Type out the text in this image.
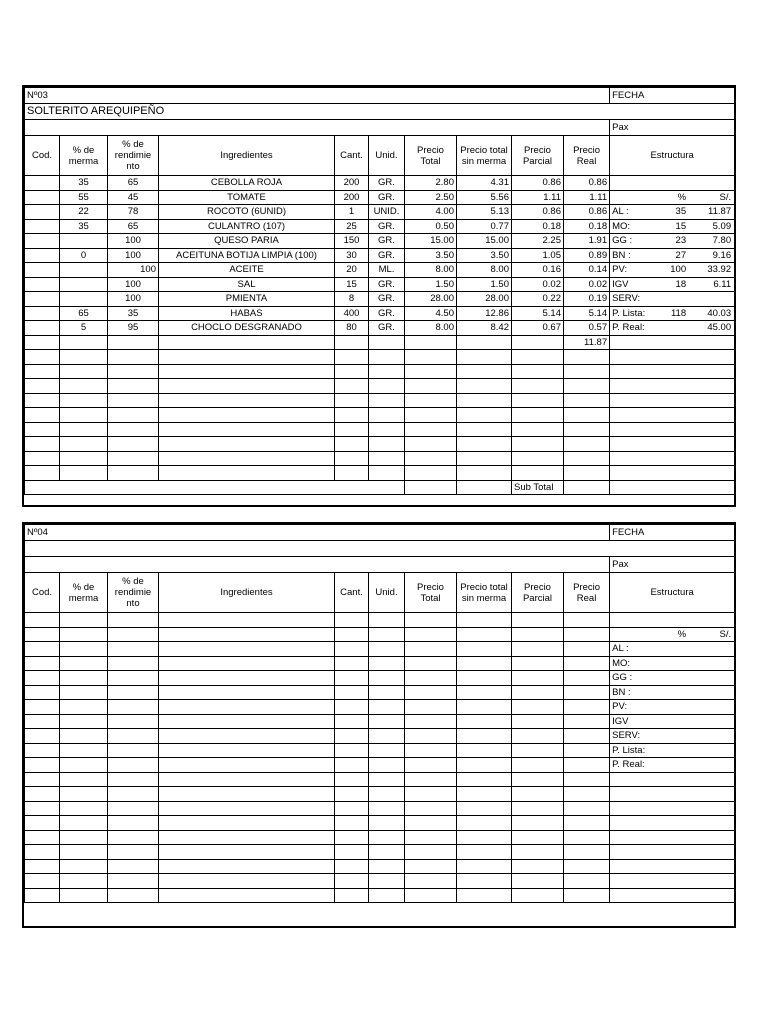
Nº03										FECHA
SOLTERITO AREQUIPEÑO										
										Pax
Cod.	% de merma	% de rendimie nto	Ingredientes	Cant.	Unid.	Precio Total	Precio total sin merma	Precio Parcial	Precio Real	Estructura
	35	65	CEBOLLA ROJA	200	GR.	2.80	4.31	0.86	0.86	

	55	45	TOMATE	200	GR.	2.50	5.56	1.11	1.11	% S/.

	22	78	ROCOTO (6UNID)	1	UNID.	4.00	5.13	0.86	0.86	AL : 35 11.87

	35	65	CULANTRO (107)	25	GR.	0.50	0.77	0.18	0.18	MO: 15 5.09

		100	QUESO PARIA	150	GR.	15.00	15.00	2.25	1.91	GG : 23 7.80

	0	100	ACEITUNA BOTIJA LIMPIA (100)	30	GR.	3.50	3.50	1.05	0.89	BN : 27 9.16

		100	ACEITE	20	ML.	8.00	8.00	0.16	0.14	PV: 100 33.92

		100	SAL	15	GR.	1.50	1.50	0.02	0.02	IGV 18 6.11

		100	PMIENTA	8	GR.	28.00	28.00	0.22	0.19	SERV:

	65	35	HABAS	400	GR.	4.50	12.86	5.14	5.14	P. Lista: 118 40.03

	5	95	CHOCLO DESGRANADO	80	GR.	8.00	8.42	0.67	0.57	P. Real: 45.00

									11.87	

								Sub Total		
Nº04										FECHA

										Pax
Cod.	% de merma	% de rendimie nto	Ingredientes	Cant.	Unid.	Precio Total	Precio total sin merma	Precio Parcial	Precio Real	Estructura

										% S/.

										AL :

										MO:

										GG :

										BN :

										PV:

										IGV

										SERV:

										P. Lista:

										P. Real:
